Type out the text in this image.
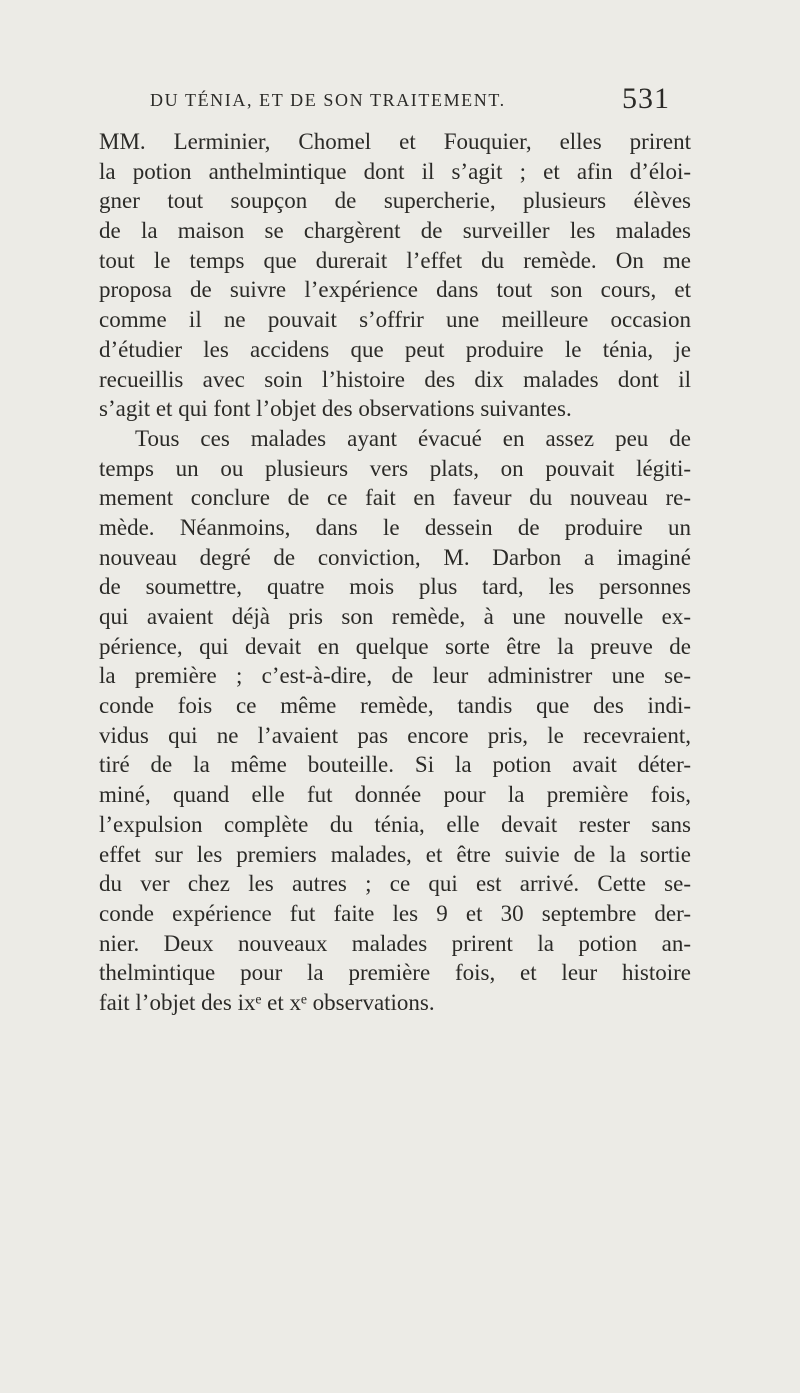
DU TÉNIA, ET DE SON TRAITEMENT.	531
MM. Lerminier, Chomel et Fouquier, elles prirent
la potion anthelmintique dont il s’agit ; et afin d’éloi-
gner tout soupçon de supercherie, plusieurs élèves
de la maison se chargèrent de surveiller les malades
tout le temps que durerait l’effet du remède. On me
proposa de suivre l’expérience dans tout son cours, et
comme il ne pouvait s’offrir une meilleure occasion
d’étudier les accidens que peut produire le ténia, je
recueillis avec soin l’histoire des dix malades dont il
s’agit et qui font l’objet des observations suivantes.
Tous ces malades ayant évacué en assez peu de
temps un ou plusieurs vers plats, on pouvait légiti-
mement conclure de ce fait en faveur du nouveau re-
mède. Néanmoins, dans le dessein de produire un
nouveau degré de conviction, M. Darbon a imaginé
de soumettre, quatre mois plus tard, les personnes
qui avaient déjà pris son remède, à une nouvelle ex-
périence, qui devait en quelque sorte être la preuve de
la première ; c’est-à-dire, de leur administrer une se-
conde fois ce même remède, tandis que des indi-
vidus qui ne l’avaient pas encore pris, le recevraient,
tiré de la même bouteille. Si la potion avait déter-
miné, quand elle fut donnée pour la première fois,
l’expulsion complète du ténia, elle devait rester sans
effet sur les premiers malades, et être suivie de la sortie
du ver chez les autres ; ce qui est arrivé. Cette se-
conde expérience fut faite les 9 et 30 septembre der-
nier. Deux nouveaux malades prirent la potion an-
thelmintique pour la première fois, et leur histoire
fait l’objet des ixᵉ et xᵉ observations.
